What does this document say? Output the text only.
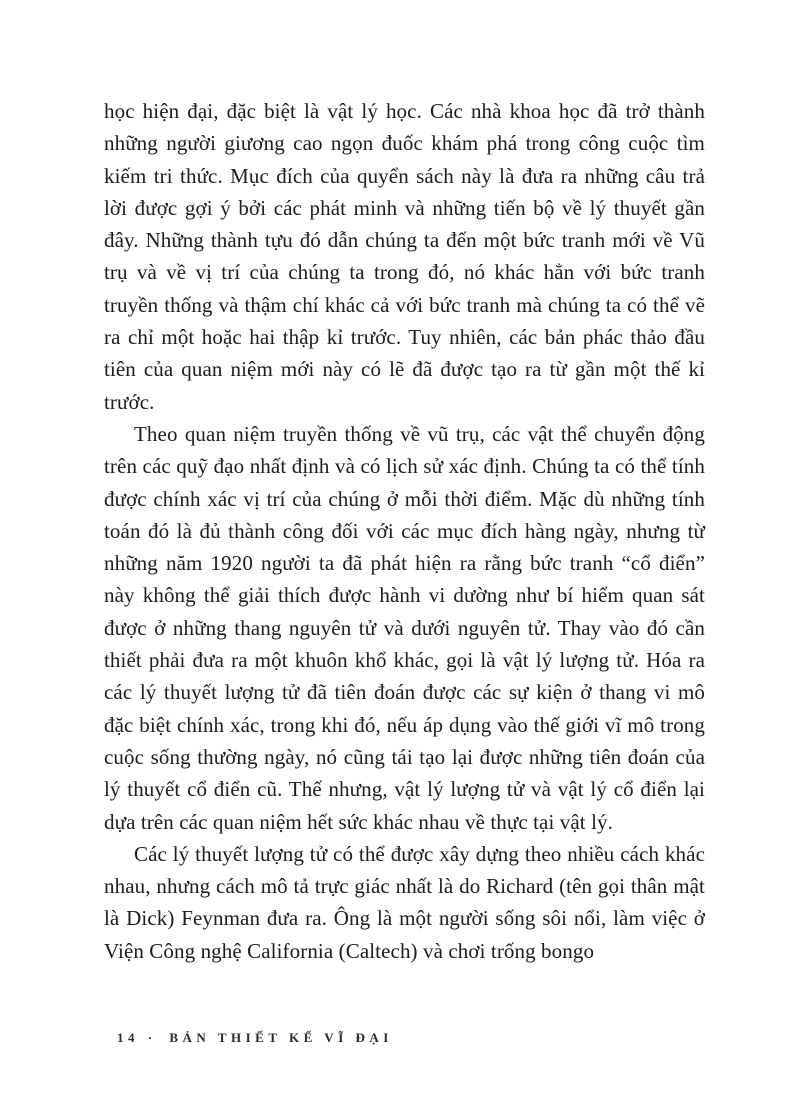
học hiện đại, đặc biệt là vật lý học. Các nhà khoa học đã trở thành những người giương cao ngọn đuốc khám phá trong công cuộc tìm kiếm tri thức. Mục đích của quyển sách này là đưa ra những câu trả lời được gợi ý bởi các phát minh và những tiến bộ về lý thuyết gần đây. Những thành tựu đó dẫn chúng ta đến một bức tranh mới về Vũ trụ và về vị trí của chúng ta trong đó, nó khác hẳn với bức tranh truyền thống và thậm chí khác cả với bức tranh mà chúng ta có thể vẽ ra chỉ một hoặc hai thập kỉ trước. Tuy nhiên, các bản phác thảo đầu tiên của quan niệm mới này có lẽ đã được tạo ra từ gần một thế kỉ trước.

Theo quan niệm truyền thống về vũ trụ, các vật thể chuyển động trên các quỹ đạo nhất định và có lịch sử xác định. Chúng ta có thể tính được chính xác vị trí của chúng ở mỗi thời điểm. Mặc dù những tính toán đó là đủ thành công đối với các mục đích hàng ngày, nhưng từ những năm 1920 người ta đã phát hiện ra rằng bức tranh “cổ điển” này không thể giải thích được hành vi dường như bí hiểm quan sát được ở những thang nguyên tử và dưới nguyên tử. Thay vào đó cần thiết phải đưa ra một khuôn khổ khác, gọi là vật lý lượng tử. Hóa ra các lý thuyết lượng tử đã tiên đoán được các sự kiện ở thang vi mô đặc biệt chính xác, trong khi đó, nếu áp dụng vào thế giới vĩ mô trong cuộc sống thường ngày, nó cũng tái tạo lại được những tiên đoán của lý thuyết cổ điển cũ. Thế nhưng, vật lý lượng tử và vật lý cổ điển lại dựa trên các quan niệm hết sức khác nhau về thực tại vật lý.

Các lý thuyết lượng tử có thể được xây dựng theo nhiều cách khác nhau, nhưng cách mô tả trực giác nhất là do Richard (tên gọi thân mật là Dick) Feynman đưa ra. Ông là một người sống sôi nổi, làm việc ở Viện Công nghệ California (Caltech) và chơi trống bongo

14 · BẢN THIẾT KẾ VĨ ĐẠI
